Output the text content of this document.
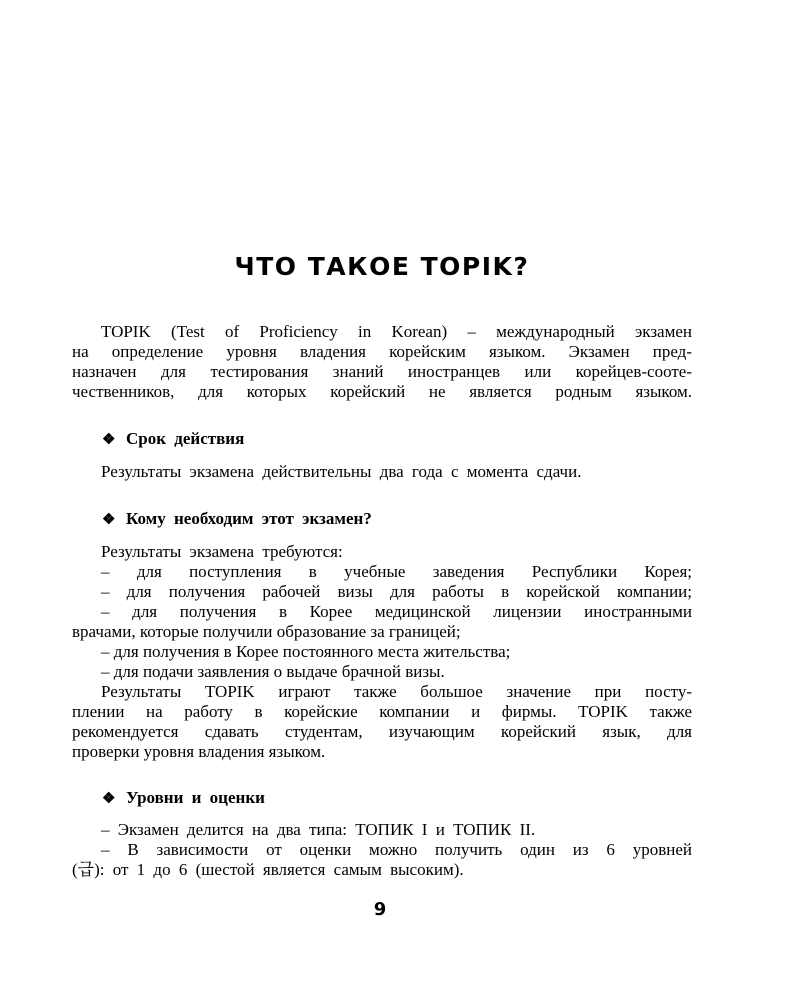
ЧТО ТАКОЕ TOPIK?
TOPIK (Test of Proficiency in Korean) – международный экзамен
на определение уровня владения корейским языком. Экзамен пред-
назначен для тестирования знаний иностранцев или корейцев-соотe-
чественников, для которых корейский не является родным языком.
❖ Срок действия
Результаты экзамена действительны два года с момента сдачи.
❖ Кому необходим этот экзамен?
Результаты экзамена требуются:
– для поступления в учебные заведения Республики Корея;
– для получения рабочей визы для работы в корейской компании;
– для получения в Корее медицинской лицензии иностранными
врачами, которые получили образование за границей;
– для получения в Корее постоянного места жительства;
– для подачи заявления о выдаче брачной визы.
Результаты TOPIK играют также большое значение при посту-
плении на работу в корейские компании и фирмы. TOPIK также
рекомендуется сдавать студентам, изучающим корейский язык, для
проверки уровня владения языком.
❖ Уровни и оценки
– Экзамен делится на два типа: ТОПИК I и ТОПИК II.
– В зависимости от оценки можно получить один из 6 уровней
(급): от 1 до 6 (шестой является самым высоким).
9
